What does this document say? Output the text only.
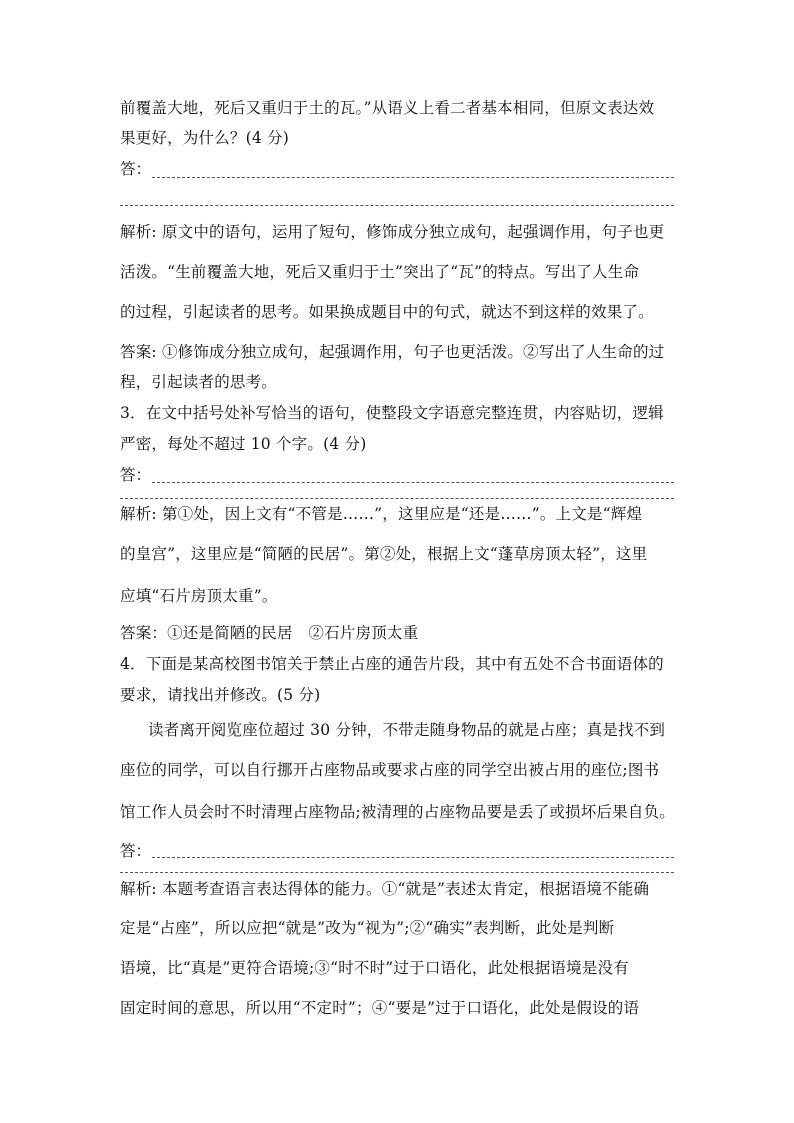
前覆盖大地，死后又重归于土的瓦。”从语义上看二者基本相同，但原文表达效
果更好，为什么？(4 分)
答：
解析: 原文中的语句，运用了短句，修饰成分独立成句，起强调作用，句子也更
活泼。“生前覆盖大地，死后又重归于土”突出了“瓦”的特点。写出了人生命
的过程，引起读者的思考。如果换成题目中的句式，就达不到这样的效果了。
答案: ①修饰成分独立成句，起强调作用，句子也更活泼。②写出了人生命的过
程，引起读者的思考。
3．在文中括号处补写恰当的语句，使整段文字语意完整连贯，内容贴切，逻辑
严密，每处不超过 10 个字。(4 分)
答：
解析: 第①处，因上文有“不管是……”，这里应是“还是……”。上文是“辉煌
的皇宫”，这里应是“简陋的民居”。第②处，根据上文“蓬草房顶太轻”，这里
应填“石片房顶太重”。
答案：①还是简陋的民居　②石片房顶太重
4．下面是某高校图书馆关于禁止占座的通告片段，其中有五处不合书面语体的
要求，请找出并修改。(5 分)
读者离开阅览座位超过 30 分钟，不带走随身物品的就是占座；真是找不到
座位的同学，可以自行挪开占座物品或要求占座的同学空出被占用的座位;图书
馆工作人员会时不时清理占座物品;被清理的占座物品要是丢了或损坏后果自负。
答：
解析: 本题考查语言表达得体的能力。①“就是”表述太肯定，根据语境不能确
定是“占座”，所以应把“就是”改为“视为”;②“确实”表判断，此处是判断
语境，比“真是”更符合语境;③“时不时”过于口语化，此处根据语境是没有
固定时间的意思，所以用“不定时”；④“要是”过于口语化，此处是假设的语
